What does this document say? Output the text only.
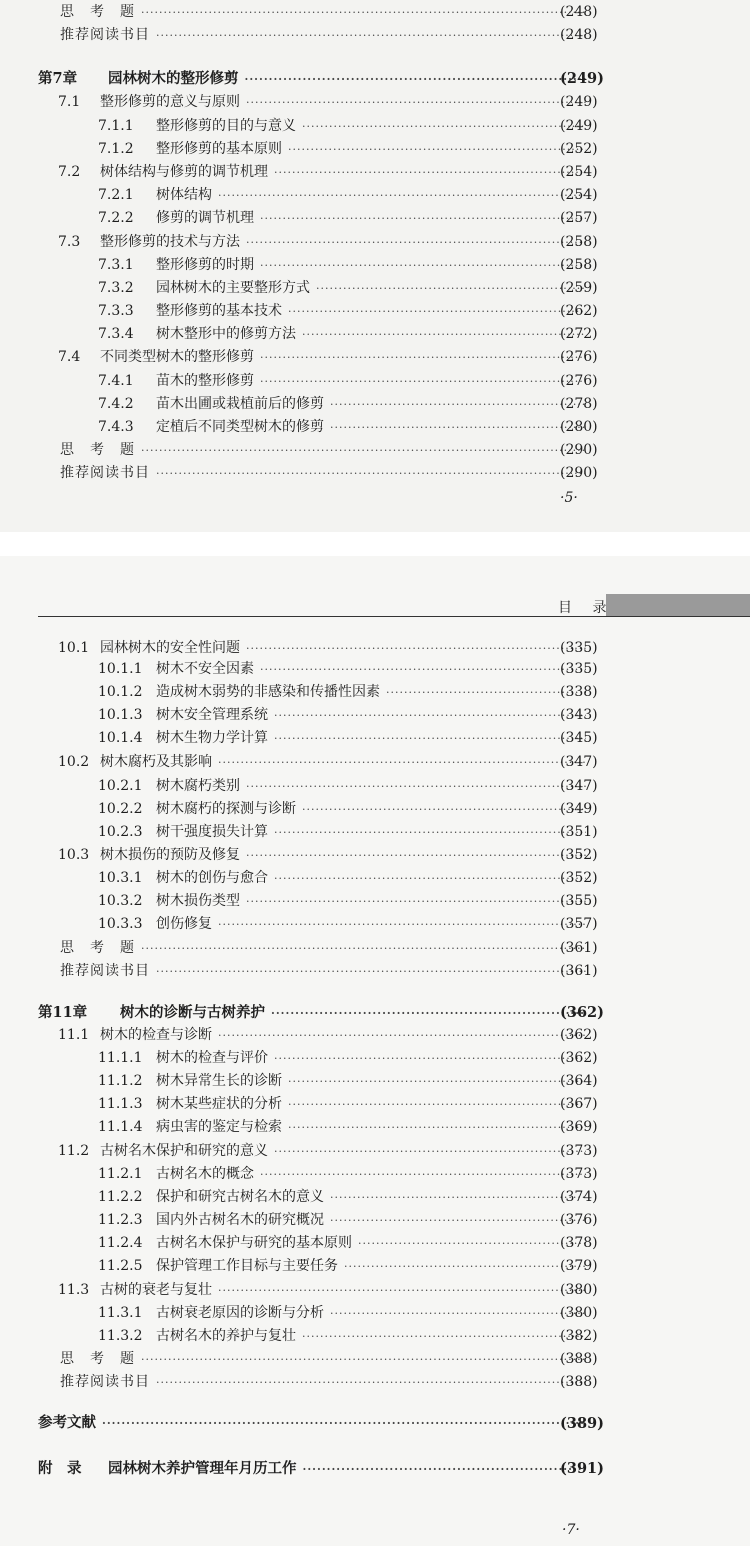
思　考　题 ·····	(248)
推荐阅读书目 ·····	(248)
第7章	园林树木的整形修剪 ·····	(249)
7.1	整形修剪的意义与原则 ·····	(249)
7.1.1	整形修剪的目的与意义 ·····	(249)
7.1.2	整形修剪的基本原则 ·····	(252)
7.2	树体结构与修剪的调节机理 ·····	(254)
7.2.1	树体结构 ·····	(254)
7.2.2	修剪的调节机理 ·····	(257)
7.3	整形修剪的技术与方法 ·····	(258)
7.3.1	整形修剪的时期 ·····	(258)
7.3.2	园林树木的主要整形方式 ·····	(259)
7.3.3	整形修剪的基本技术 ·····	(262)
7.3.4	树木整形中的修剪方法 ·····	(272)
7.4	不同类型树木的整形修剪 ·····	(276)
7.4.1	苗木的整形修剪 ·····	(276)
7.4.2	苗木出圃或栽植前后的修剪 ·····	(278)
7.4.3	定植后不同类型树木的修剪 ·····	(280)
思　考　题 ·····	(290)
推荐阅读书目 ·····	(290)
·5·
目 录
10.1 园林树木的安全性问题 ·····	(335)
10.1.1 树木不安全因素 ·····	(335)
10.1.2 造成树木弱势的非感染和传播性因素 ·····	(338)
10.1.3 树木安全管理系统 ·····	(343)
10.1.4 树木生物力学计算 ·····	(345)
10.2 树木腐朽及其影响 ·····	(347)
10.2.1 树木腐朽类别 ·····	(347)
10.2.2 树木腐朽的探测与诊断 ·····	(349)
10.2.3 树干强度损失计算 ·····	(351)
10.3 树木损伤的预防及修复 ·····	(352)
10.3.1 树木的创伤与愈合 ·····	(352)
10.3.2 树木损伤类型 ·····	(355)
10.3.3 创伤修复 ·····	(357)
思　考　题 ·····	(361)
推荐阅读书目 ·····	(361)
第11章	树木的诊断与古树养护 ·····	(362)
11.1 树木的检查与诊断 ·····	(362)
11.1.1 树木的检查与评价 ·····	(362)
11.1.2 树木异常生长的诊断 ·····	(364)
11.1.3 树木某些症状的分析 ·····	(367)
11.1.4 病虫害的鉴定与检索 ·····	(369)
11.2 古树名木保护和研究的意义 ·····	(373)
11.2.1 古树名木的概念 ·····	(373)
11.2.2 保护和研究古树名木的意义 ·····	(374)
11.2.3 国内外古树名木的研究概况 ·····	(376)
11.2.4 古树名木保护与研究的基本原则 ·····	(378)
11.2.5 保护管理工作目标与主要任务 ·····	(379)
11.3 古树的衰老与复壮 ·····	(380)
11.3.1 古树衰老原因的诊断与分析 ·····	(380)
11.3.2 古树名木的养护与复壮 ·····	(382)
思　考　题 ·····	(388)
推荐阅读书目 ·····	(388)
参考文献 ·····	(389)
附　录	园林树木养护管理年月历工作 ·····	(391)
·7·
